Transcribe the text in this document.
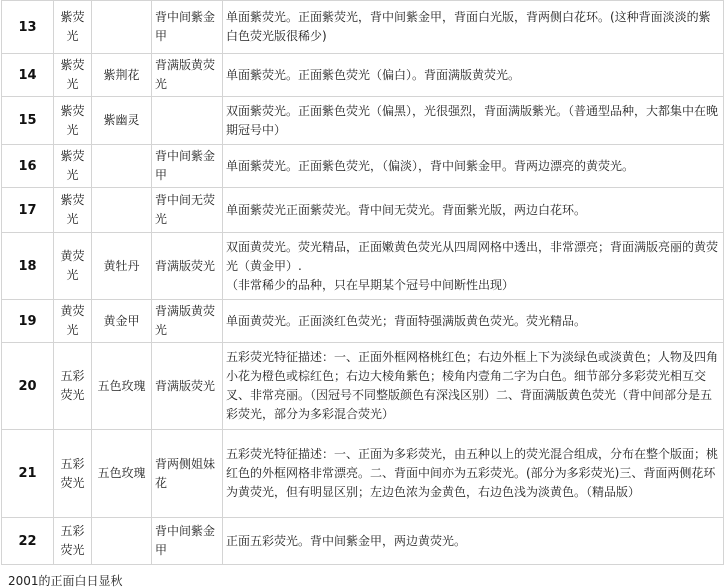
13	紫荧光		背中间紫金甲	单面紫荧光。正面紫荧光，背中间紫金甲，背面白光版，背两侧白花环。(这种背面淡淡的紫白色荧光版很稀少)
14	紫荧光	紫荆花	背满版黄荧光	单面紫荧光。正面紫色荧光（偏白）。背面满版黄荧光。
15	紫荧光	紫幽灵		双面紫荧光。正面紫色荧光（偏黑），光很强烈，背面满版紫光。（普通型品种，大都集中在晚期冠号中）
16	紫荧光		背中间紫金甲	单面紫荧光。正面紫色荧光，（偏淡），背中间紫金甲。背两边漂亮的黄荧光。
17	紫荧光		背中间无荧光	单面紫荧光正面紫荧光。背中间无荧光。背面紫光版，两边白花环。
18	黄荧光	黄牡丹	背满版荧光	双面黄荧光。荧光精品，正面嫩黄色荧光从四周网格中透出，非常漂亮；背面满版亮丽的黄荧光（黄金甲）.
（非常稀少的品种，只在早期某个冠号中间断性出现）
19	黄荧光	黄金甲	背满版黄荧光	单面黄荧光。正面淡红色荧光；背面特强满版黄色荧光。荧光精品。
20	五彩荧光	五色玫瑰	背满版荧光	五彩荧光特征描述：一、正面外框网格桃红色；右边外框上下为淡绿色或淡黄色；人物及四角小花为橙色或棕红色；右边大棱角紫色；棱角内壹角二字为白色。细节部分多彩荧光相互交叉、非常亮丽。（因冠号不同整版颜色有深浅区别）二、背面满版黄色荧光（背中间部分是五彩荧光，部分为多彩混合荧光）
21	五彩荧光	五色玫瑰	背两侧姐妹花	五彩荧光特征描述：一、正面为多彩荧光，由五种以上的荧光混合组成，分布在整个版面；桃红色的外框网格非常漂亮。二、背面中间亦为五彩荧光。(部分为多彩荧光)三、背面两侧花环为黄荧光，但有明显区别；左边色浓为金黄色，右边色浅为淡黄色。（精品版）
22	五彩荧光		背中间紫金甲	正面五彩荧光。背中间紫金甲，两边黄荧光。
2001的正面白日显秋
